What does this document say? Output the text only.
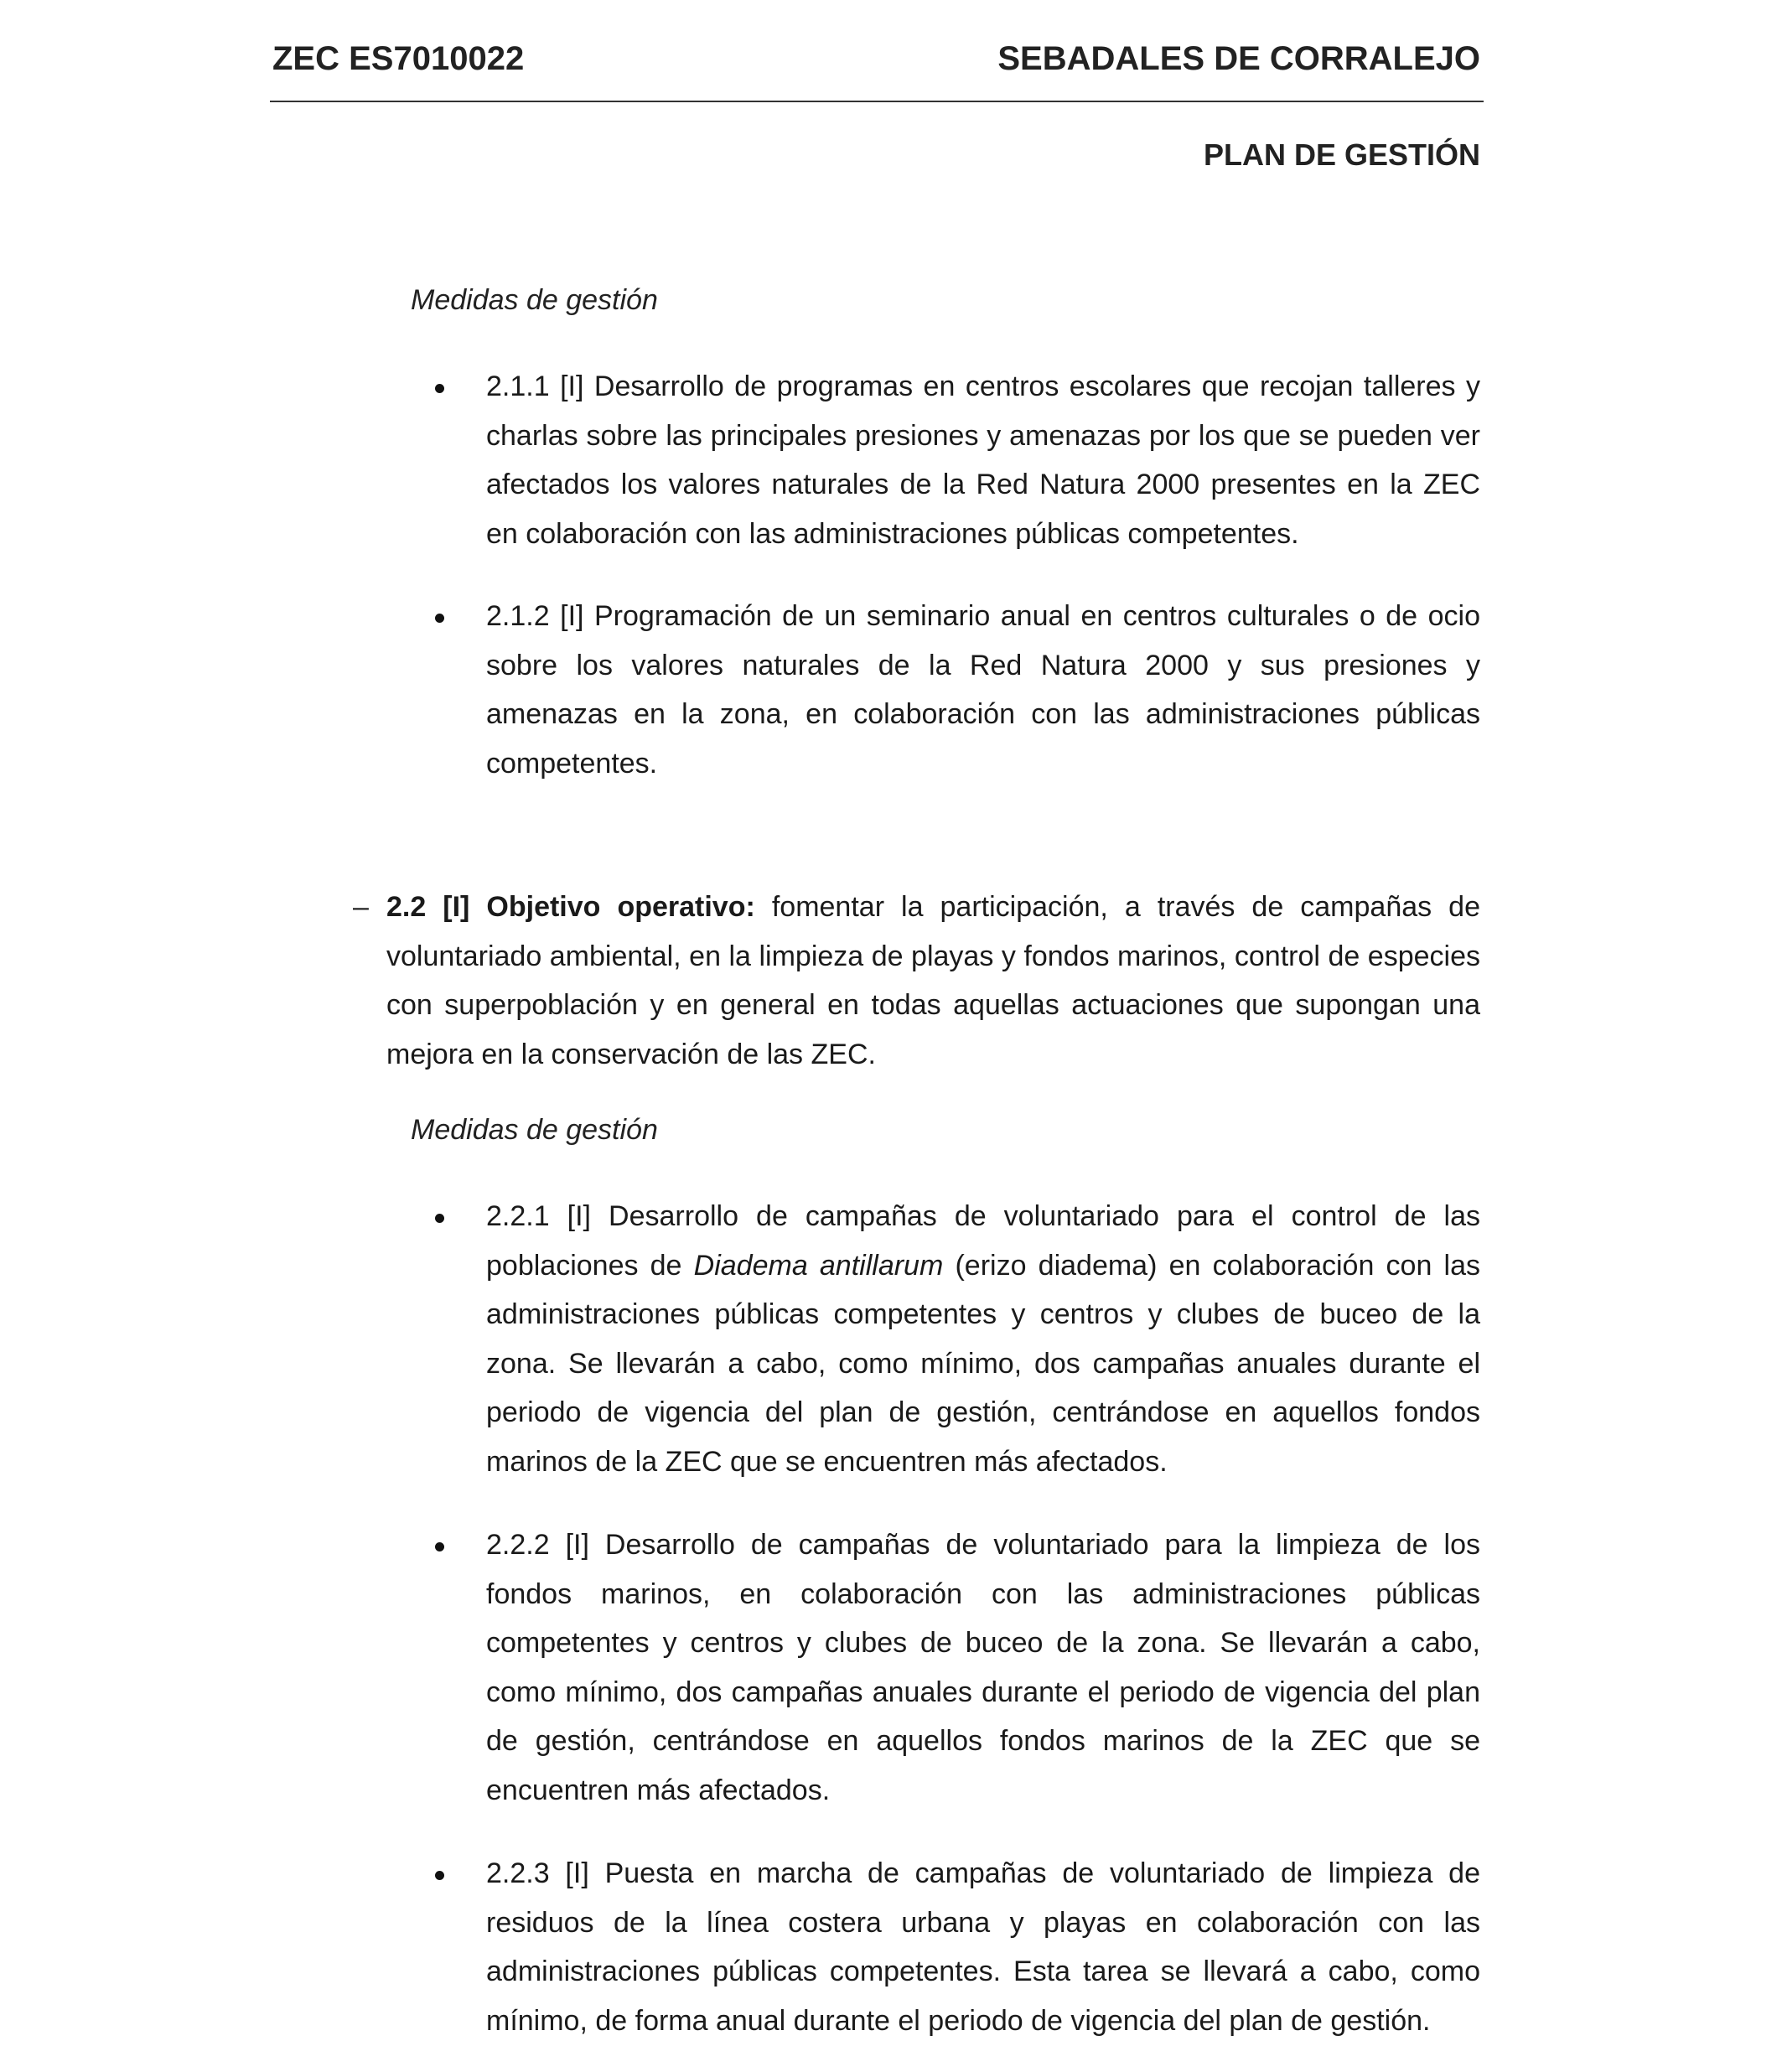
ZEC ES7010022	SEBADALES DE CORRALEJO
PLAN DE GESTIÓN
Medidas de gestión
2.1.1 [I] Desarrollo de programas en centros escolares que recojan talleres y charlas sobre las principales presiones y amenazas por los que se pueden ver afectados los valores naturales de la Red Natura 2000 presentes en la ZEC en colaboración con las administraciones públicas competentes.
2.1.2 [I] Programación de un seminario anual en centros culturales o de ocio sobre los valores naturales de la Red Natura 2000 y sus presiones y amenazas en la zona, en colaboración con las administraciones públicas competentes.
– 2.2 [I] Objetivo operativo: fomentar la participación, a través de campañas de voluntariado ambiental, en la limpieza de playas y fondos marinos, control de especies con superpoblación y en general en todas aquellas actuaciones que supongan una mejora en la conservación de las ZEC.
Medidas de gestión
2.2.1 [I] Desarrollo de campañas de voluntariado para el control de las poblaciones de Diadema antillarum (erizo diadema) en colaboración con las administraciones públicas competentes y centros y clubes de buceo de la zona. Se llevarán a cabo, como mínimo, dos campañas anuales durante el periodo de vigencia del plan de gestión, centrándose en aquellos fondos marinos de la ZEC que se encuentren más afectados.
2.2.2 [I] Desarrollo de campañas de voluntariado para la limpieza de los fondos marinos, en colaboración con las administraciones públicas competentes y centros y clubes de buceo de la zona. Se llevarán a cabo, como mínimo, dos campañas anuales durante el periodo de vigencia del plan de gestión, centrándose en aquellos fondos marinos de la ZEC que se encuentren más afectados.
2.2.3 [I] Puesta en marcha de campañas de voluntariado de limpieza de residuos de la línea costera urbana y playas en colaboración con las administraciones públicas competentes. Esta tarea se llevará a cabo, como mínimo, de forma anual durante el periodo de vigencia del plan de gestión.
